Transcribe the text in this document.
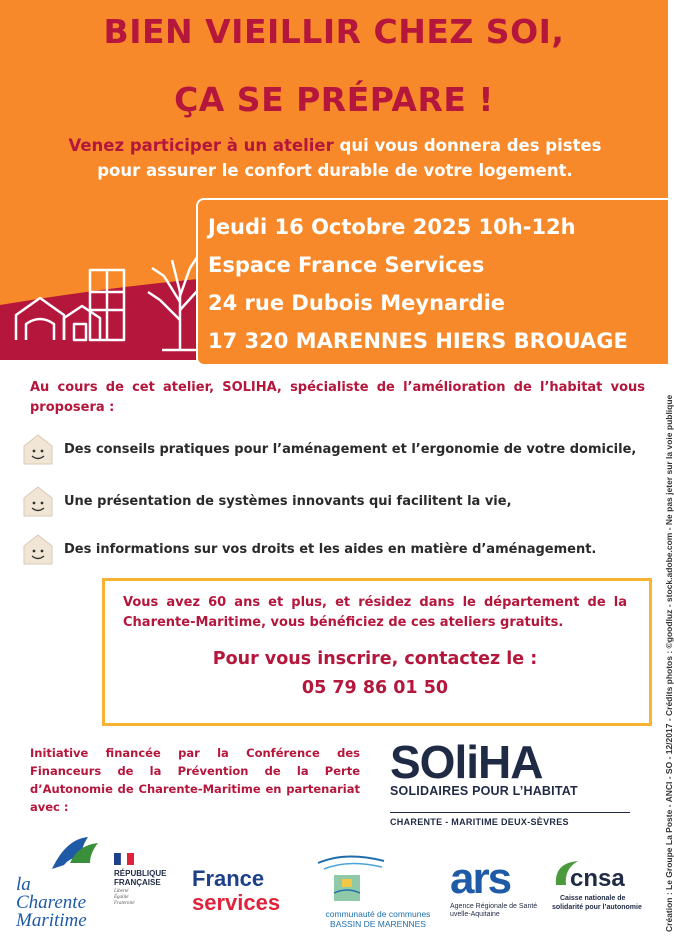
BIEN VIEILLIR CHEZ SOI,
ÇA SE PRÉPARE !
Venez participer à un atelier qui vous donnera des pistes
pour assurer le confort durable de votre logement.
Jeudi 16 Octobre 2025 10h-12h
Espace France Services
24 rue Dubois Meynardie
17 320 MARENNES HIERS BROUAGE
Au cours de cet atelier, SOLIHA, spécialiste de l’amélioration de l’habitat vous proposera :
Des conseils pratiques pour l’aménagement et l’ergonomie de votre domicile,
Une présentation de systèmes innovants qui facilitent la vie,
Des informations sur vos droits et les aides en matière d’aménagement.
Vous avez 60 ans et plus, et résidez dans le département de la Charente-Maritime, vous bénéficiez de ces ateliers gratuits.
Pour vous inscrire, contactez le :
05 79 86 01 50
Initiative financée par la Conférence des Financeurs de la Prévention de la Perte d’Autonomie de Charente-Maritime en partenariat avec :
SOliHA
SOLIDAIRES POUR L’HABITAT
CHARENTE - MARITIME DEUX-SÈVRES	Création : Le Groupe La Poste - ANCI - SO - 12/2017 - Crédits photos : ©goodluz - stock.adobe.com - Ne pas jeter sur la voie publique
la
Charente
Maritime
RÉPUBLIQUE
FRANÇAISE
Liberté
Égalité
Fraternité
France
services	communauté de communes
BASSIN DE MARENNES
ars
Agence Régionale de Santé
uvelle-Aquitaine
cnsa
Caisse nationale de
solidarité pour l’autonomie
